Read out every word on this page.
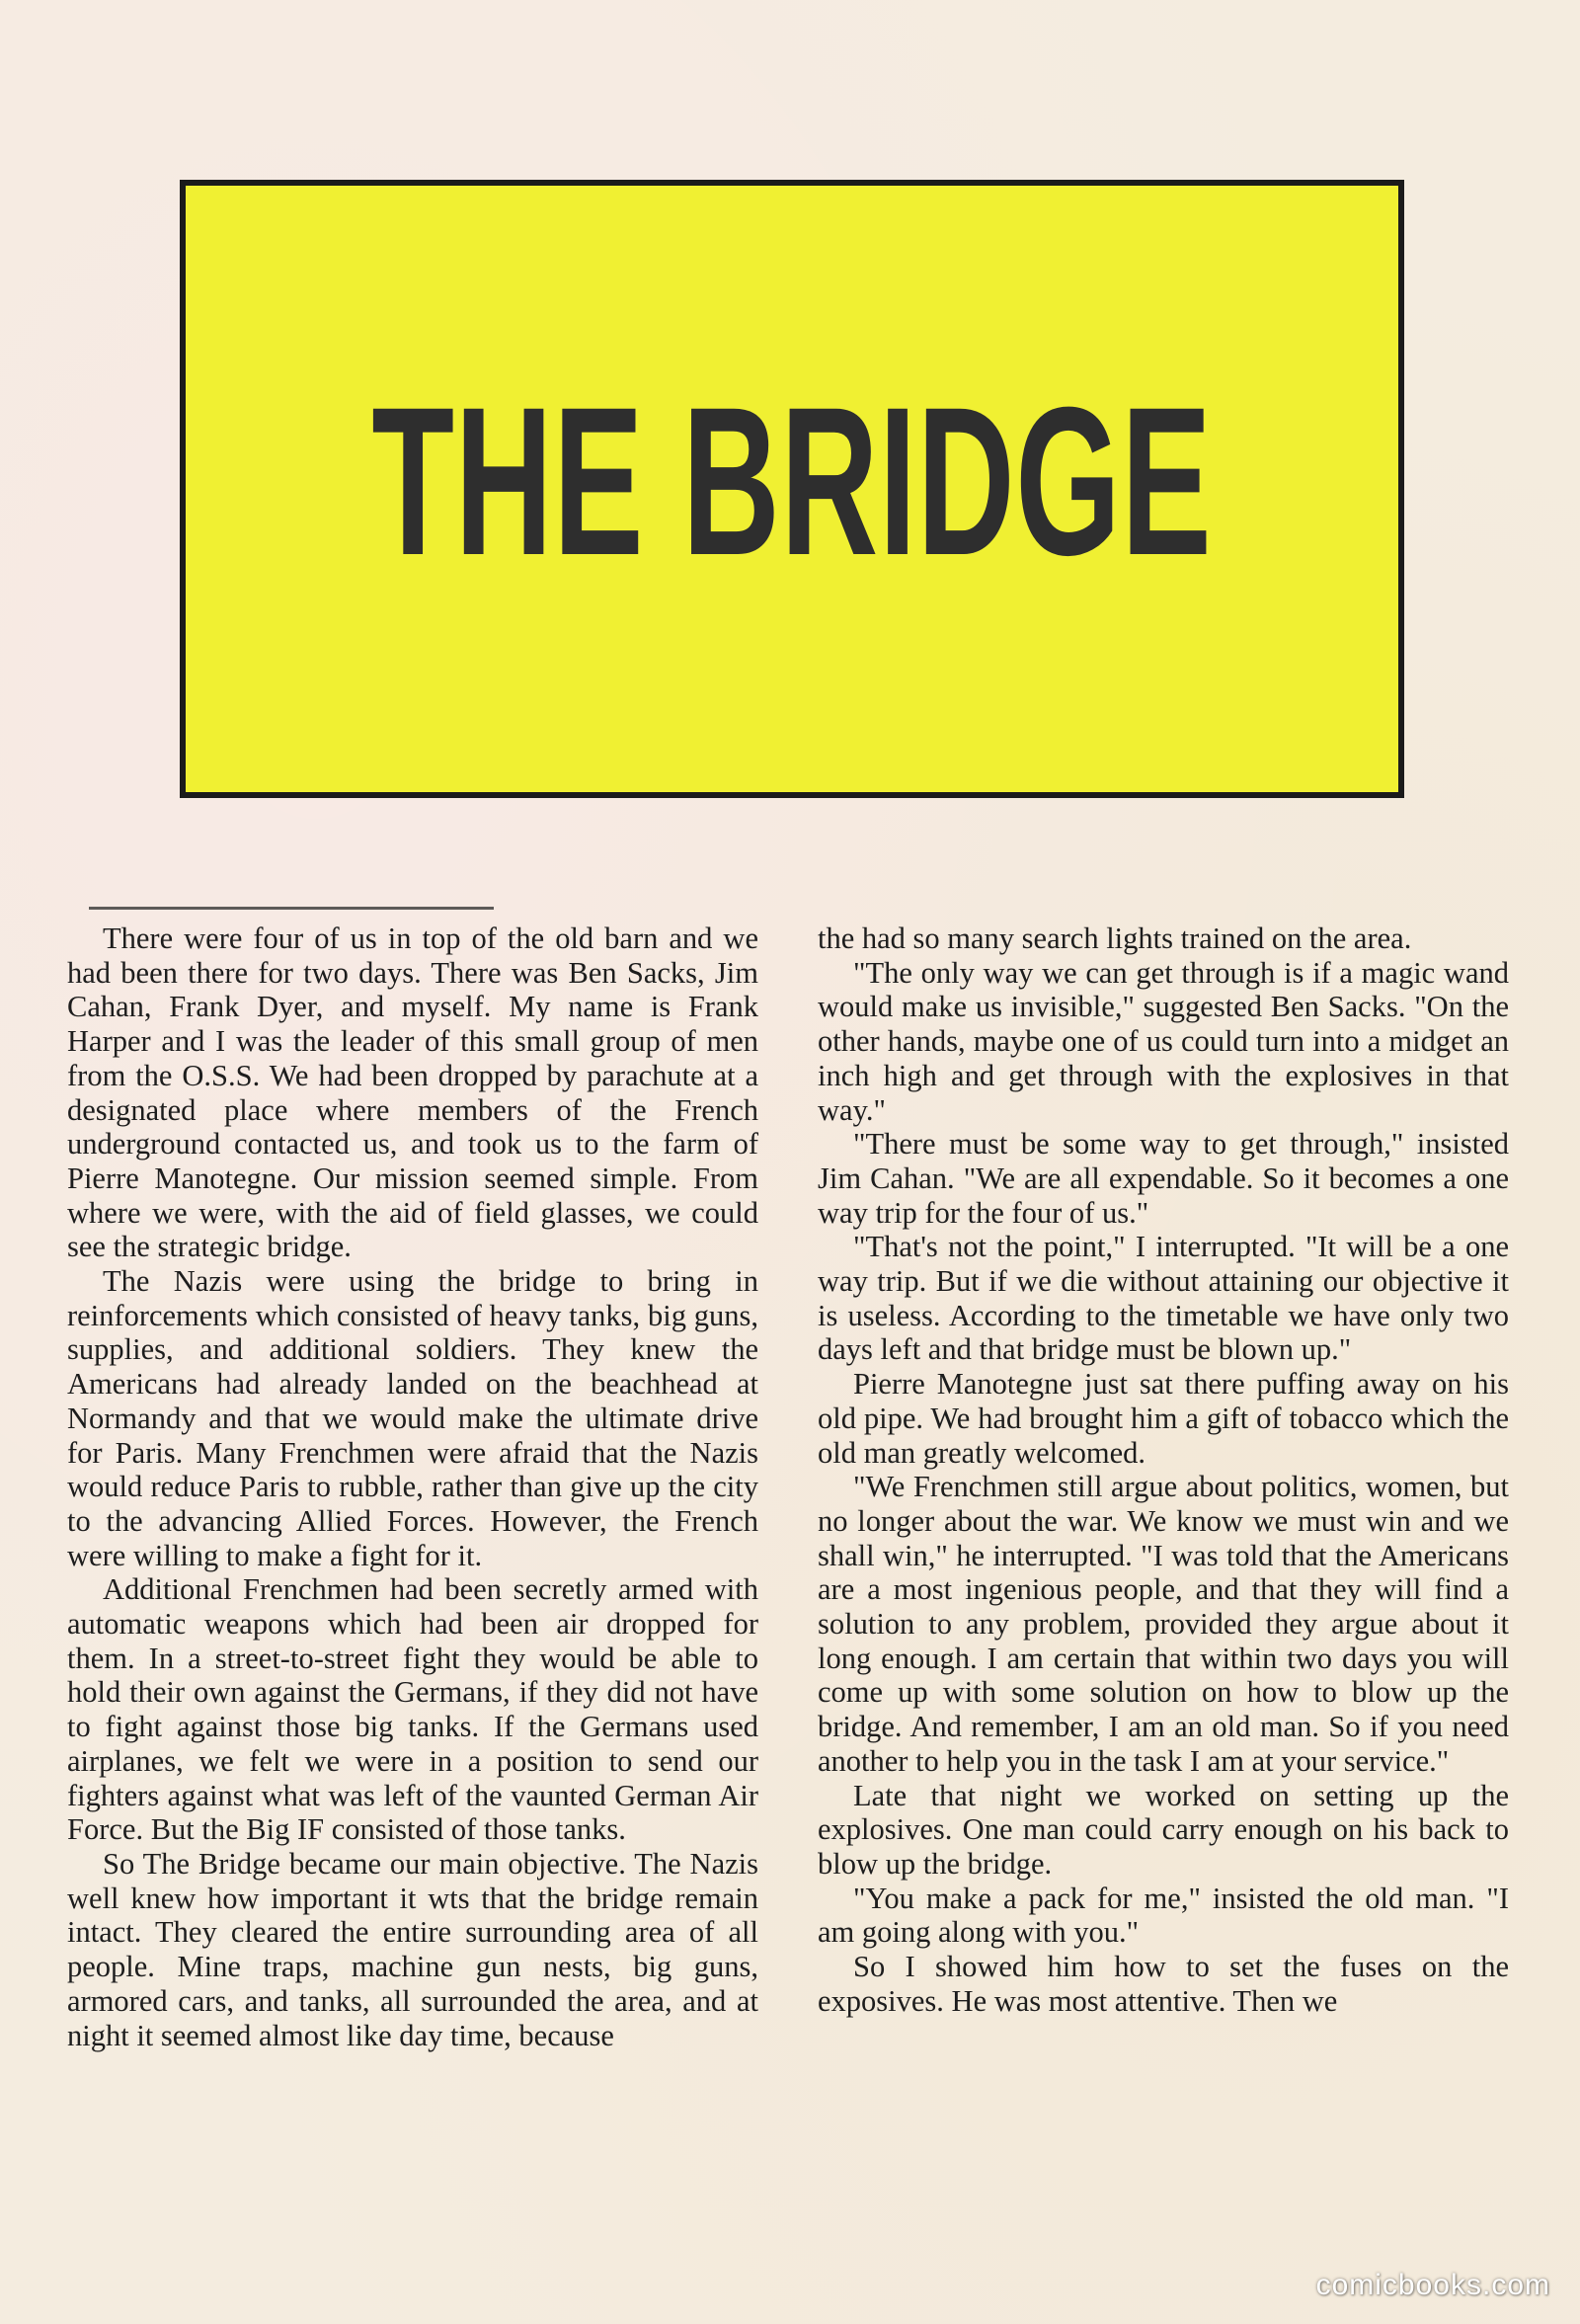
THE BRIDGE

There were four of us in top of the old barn and we had been there for two days. There was Ben Sacks, Jim Cahan, Frank Dyer, and myself. My name is Frank Harper and I was the leader of this small group of men from the O.S.S. We had been dropped by parachute at a designated place where members of the French underground contacted us, and took us to the farm of Pierre Manotegne. Our mission seemed simple. From where we were, with the aid of field glasses, we could see the strategic bridge.

The Nazis were using the bridge to bring in reinforcements which consisted of heavy tanks, big guns, supplies, and additional soldiers. They knew the Americans had already landed on the beachhead at Normandy and that we would make the ultimate drive for Paris. Many Frenchmen were afraid that the Nazis would reduce Paris to rubble, rather than give up the city to the advancing Allied Forces. However, the French were willing to make a fight for it.

Additional Frenchmen had been secretly armed with automatic weapons which had been air dropped for them. In a street-to-street fight they would be able to hold their own against the Germans, if they did not have to fight against those big tanks. If the Germans used airplanes, we felt we were in a position to send our fighters against what was left of the vaunted German Air Force. But the Big IF consisted of those tanks.

So The Bridge became our main objective. The Nazis well knew how important it wts that the bridge remain intact. They cleared the entire surrounding area of all people. Mine traps, machine gun nests, big guns, armored cars, and tanks, all surrounded the area, and at night it seemed almost like day time, because

the had so many search lights trained on the area.

"The only way we can get through is if a magic wand would make us invisible," suggested Ben Sacks. "On the other hands, maybe one of us could turn into a midget an inch high and get through with the explosives in that way."

"There must be some way to get through," insisted Jim Cahan. "We are all expendable. So it becomes a one way trip for the four of us."

"That's not the point," I interrupted. "It will be a one way trip. But if we die without attaining our objective it is useless. According to the timetable we have only two days left and that bridge must be blown up."

Pierre Manotegne just sat there puffing away on his old pipe. We had brought him a gift of tobacco which the old man greatly welcomed.

"We Frenchmen still argue about politics, women, but no longer about the war. We know we must win and we shall win," he interrupted. "I was told that the Americans are a most ingenious people, and that they will find a solution to any problem, provided they argue about it long enough. I am certain that within two days you will come up with some solution on how to blow up the bridge. And remember, I am an old man. So if you need another to help you in the task I am at your service."

Late that night we worked on setting up the explosives. One man could carry enough on his back to blow up the bridge.

"You make a pack for me," insisted the old man. "I am going along with you."

So I showed him how to set the fuses on the exposives. He was most attentive. Then we

comicbooks.com
